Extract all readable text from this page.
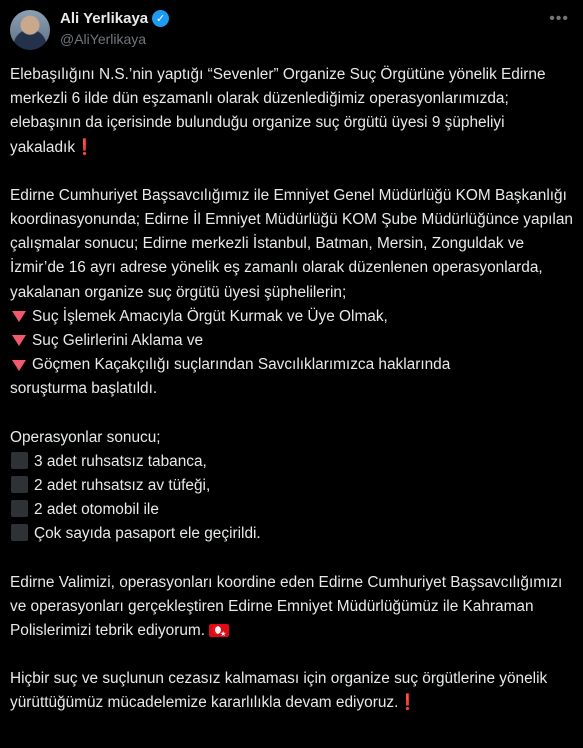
Ali Yerlikaya ✓
@AliYerlikaya
•••

Elebaşılığını N.S.’nin yaptığı “Sevenler” Organize Suç Örgütüne yönelik Edirne merkezli 6 ilde dün eşzamanlı olarak düzenlediğimiz operasyonlarımızda; elebaşının da içerisinde bulunduğu organize suç örgütü üyesi 9 şüpheliyi yakaladık❗

Edirne Cumhuriyet Başsavcılığımız ile Emniyet Genel Müdürlüğü KOM Başkanlığı koordinasyonunda; Edirne İl Emniyet Müdürlüğü KOM Şube Müdürlüğünce yapılan çalışmalar sonucu; Edirne merkezli İstanbul, Batman, Mersin, Zonguldak ve İzmir’de 16 ayrı adrese yönelik eş zamanlı olarak düzenlenen operasyonlarda, yakalanan organize suç örgütü üyesi şüphelilerin;

Suç İşlemek Amacıyla Örgüt Kurmak ve Üye Olmak,
Suç Gelirlerini Aklama ve
Göçmen Kaçakçılığı suçlarından Savcılıklarımızca haklarında
soruşturma başlatıldı.
Operasyonlar sonucu;
3 adet ruhsatsız tabanca,
2 adet ruhsatsız av tüfeği,
2 adet otomobil ile
Çok sayıda pasaport ele geçirildi.

Edirne Valimizi, operasyonları koordine eden Edirne Cumhuriyet Başsavcılığımızı ve operasyonları gerçekleştiren Edirne Emniyet Müdürlüğümüz ile Kahraman Polislerimizi tebrik ediyorum.★

Hiçbir suç ve suçlunun cezasız kalmaması için organize suç örgütlerine yönelik yürüttüğümüz mücadelemize kararlılıkla devam ediyoruz.❗
